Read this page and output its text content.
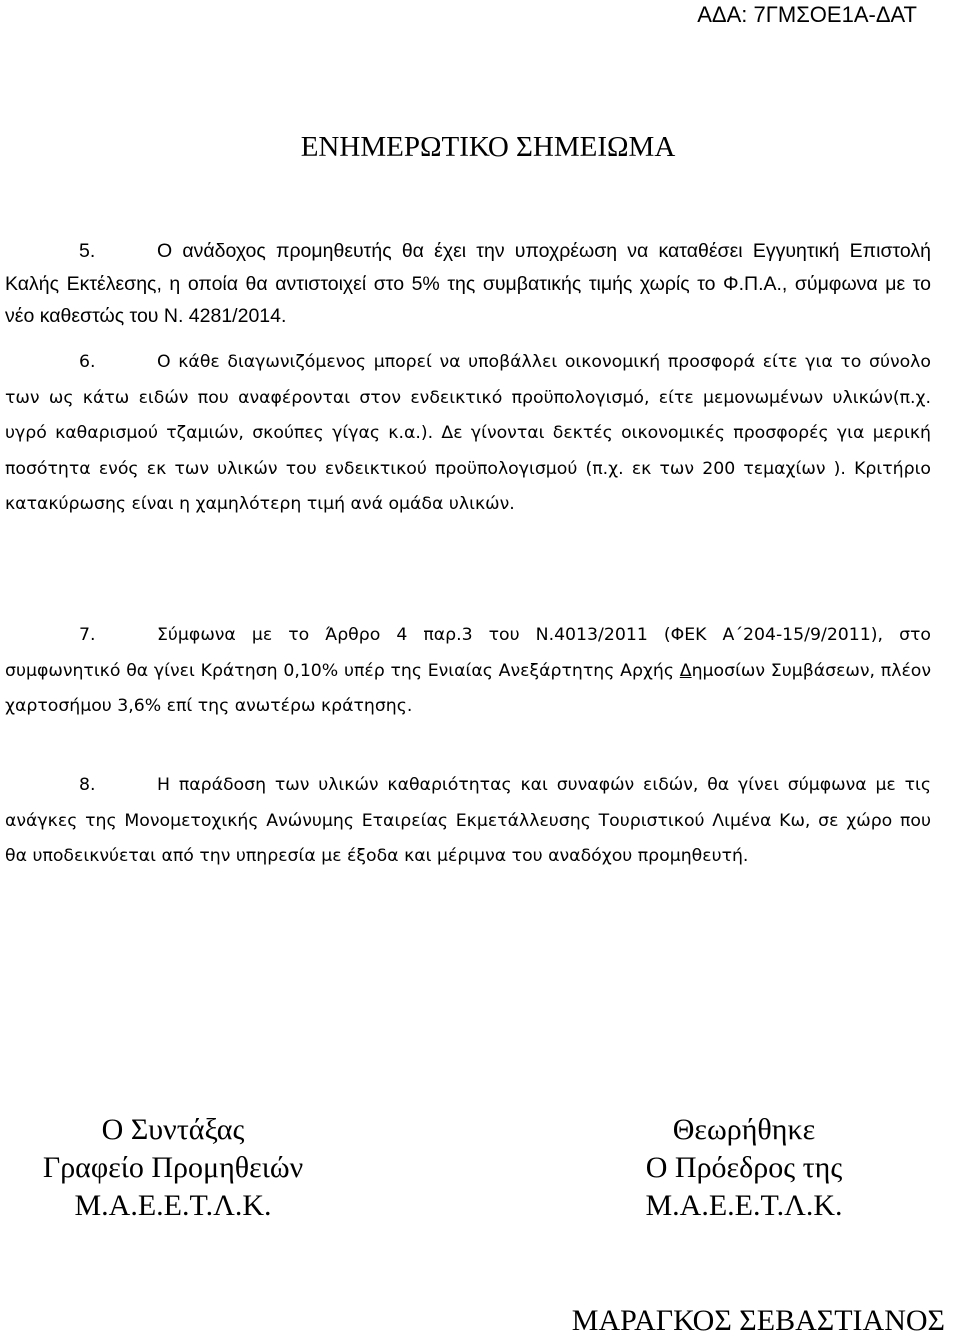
ΑΔΑ: 7ΓΜΣΟΕ1Α-ΔΑΤ
ΕΝΗΜΕΡΩΤΙΚΟ ΣΗΜΕΙΩΜΑ

5.	Ο ανάδοχος προμηθευτής θα έχει την υποχρέωση να καταθέσει Εγγυητική Επιστολή Καλής Εκτέλεσης, η οποία θα αντιστοιχεί στο 5% της συμβατικής τιμής χωρίς το Φ.Π.Α., σύμφωνα με το νέο καθεστώς του Ν. 4281/2014.

6.	Ο κάθε διαγωνιζόμενος μπορεί να υποβάλλει οικονομική προσφορά είτε για το σύνολο των ως κάτω ειδών που αναφέρονται στον ενδεικτικό προϋπολογισμό, είτε μεμονωμένων υλικών(π.χ. υγρό καθαρισμού τζαμιών, σκούπες γίγας κ.α.). Δε γίνονται δεκτές οικονομικές προσφορές για μερική ποσότητα ενός εκ των υλικών του ενδεικτικού προϋπολογισμού (π.χ. εκ των 200 τεμαχίων ). Κριτήριο κατακύρωσης είναι η χαμηλότερη τιμή ανά ομάδα υλικών.

7.	Σύμφωνα με το Άρθρο 4 παρ.3 του Ν.4013/2011 (ΦΕΚ Α΄204-15/9/2011), στο συμφωνητικό θα γίνει Κράτηση 0,10% υπέρ της Ενιαίας Ανεξάρτητης Αρχής Δημοσίων Συμβάσεων, πλέον χαρτοσήμου 3,6% επί της ανωτέρω κράτησης.

8.	Η παράδοση των υλικών καθαριότητας και συναφών ειδών, θα γίνει σύμφωνα με τις ανάγκες της Μονομετοχικής Ανώνυμης Εταιρείας Εκμετάλλευσης Τουριστικού Λιμένα Κω, σε χώρο που θα υποδεικνύεται από την υπηρεσία με έξοδα και μέριμνα του αναδόχου προμηθευτή.

Ο Συντάξας
Γραφείο Προμηθειών
Μ.Α.Ε.Ε.Τ.Λ.Κ.
Θεωρήθηκε
Ο Πρόεδρος της
Μ.Α.Ε.Ε.Τ.Λ.Κ.
ΜΑΡΑΓΚΟΣ ΣΕΒΑΣΤΙΑΝΟΣ
